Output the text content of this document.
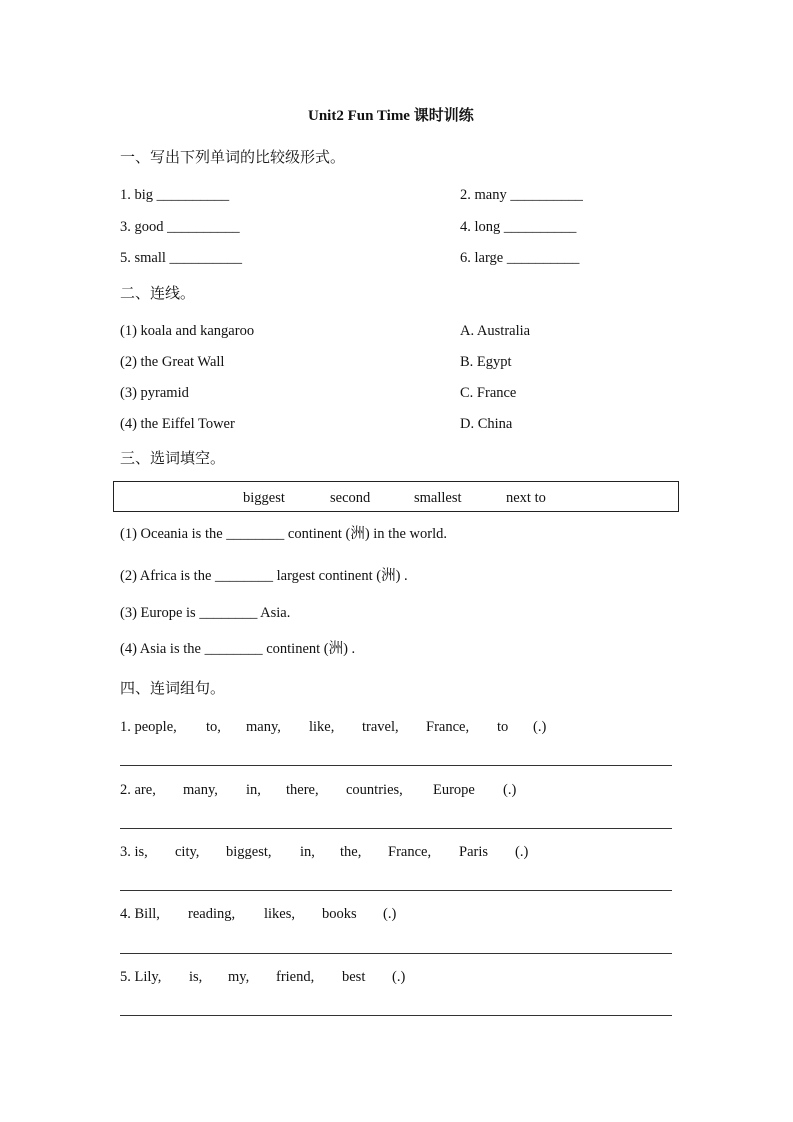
Unit2 Fun Time 课时训练
一、写出下列单词的比较级形式。
1. big __________	2. many __________
3. good __________	4. long __________
5. small __________	6. large __________
二、连线。
(1) koala and kangaroo	A. Australia
(2) the Great Wall	B. Egypt
(3) pyramid	C. France
(4) the Eiffel Tower	D. China
三、选词填空。
biggest	second	smallest	next to
(1) Oceania is the ________ continent (洲) in the world.
(2) Africa is the ________ largest continent (洲) .
(3) Europe is ________ Asia.
(4) Asia is the ________ continent (洲) .
四、连词组句。
1. people, to, many, like, travel, France, to (.)
2. are, many, in, there, countries, Europe (.)
3. is, city, biggest, in, the, France, Paris (.)
4. Bill, reading, likes, books (.)
5. Lily, is, my, friend, best (.)
